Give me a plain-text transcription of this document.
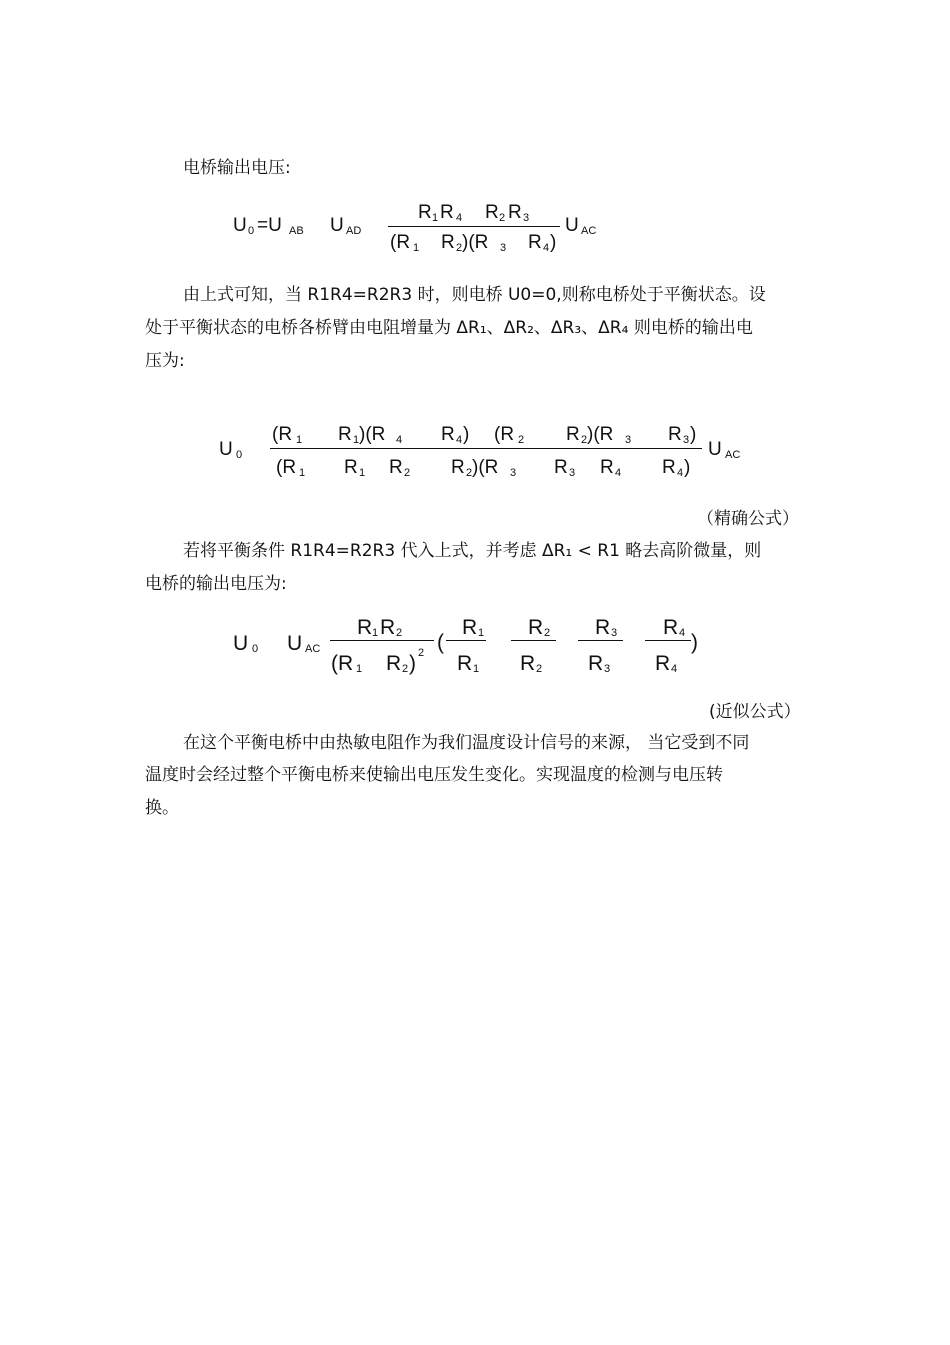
电桥输出电压:
U 0 =U AB U AD
R 1 R 4 R 2 R 3
(R 1 R 2 )(R 3 R 4 )
U AC
由上式可知，当 R1R4=R2R3 时，则电桥 U0=0,则称电桥处于平衡状态。设
处于平衡状态的电桥各桥臂由电阻增量为 ΔR₁、ΔR₂、ΔR₃、ΔR₄ 则电桥的输出电
压为:
U 0
(R 1 R 1 )(R 4 R 4 ) (R 2 R 2 )(R 3 R 3 )
(R 1 R 1 R 2 R 2 )(R 3 R 3 R 4 R 4 )
U AC
（精确公式）
若将平衡条件 R1R4=R2R3 代入上式，并考虑 ΔR₁ < R1 略去高阶微量，则
电桥的输出电压为:
U 0 U AC
R 1 R 2
(R 1 R 2 ) 2 (
R 1
R 1
R 2
R 2
R 3
R 3
R 4
R 4
)
(近似公式）
在这个平衡电桥中由热敏电阻作为我们温度设计信号的来源， 当它受到不同
温度时会经过整个平衡电桥来使输出电压发生变化。实现温度的检测与电压转
换。
